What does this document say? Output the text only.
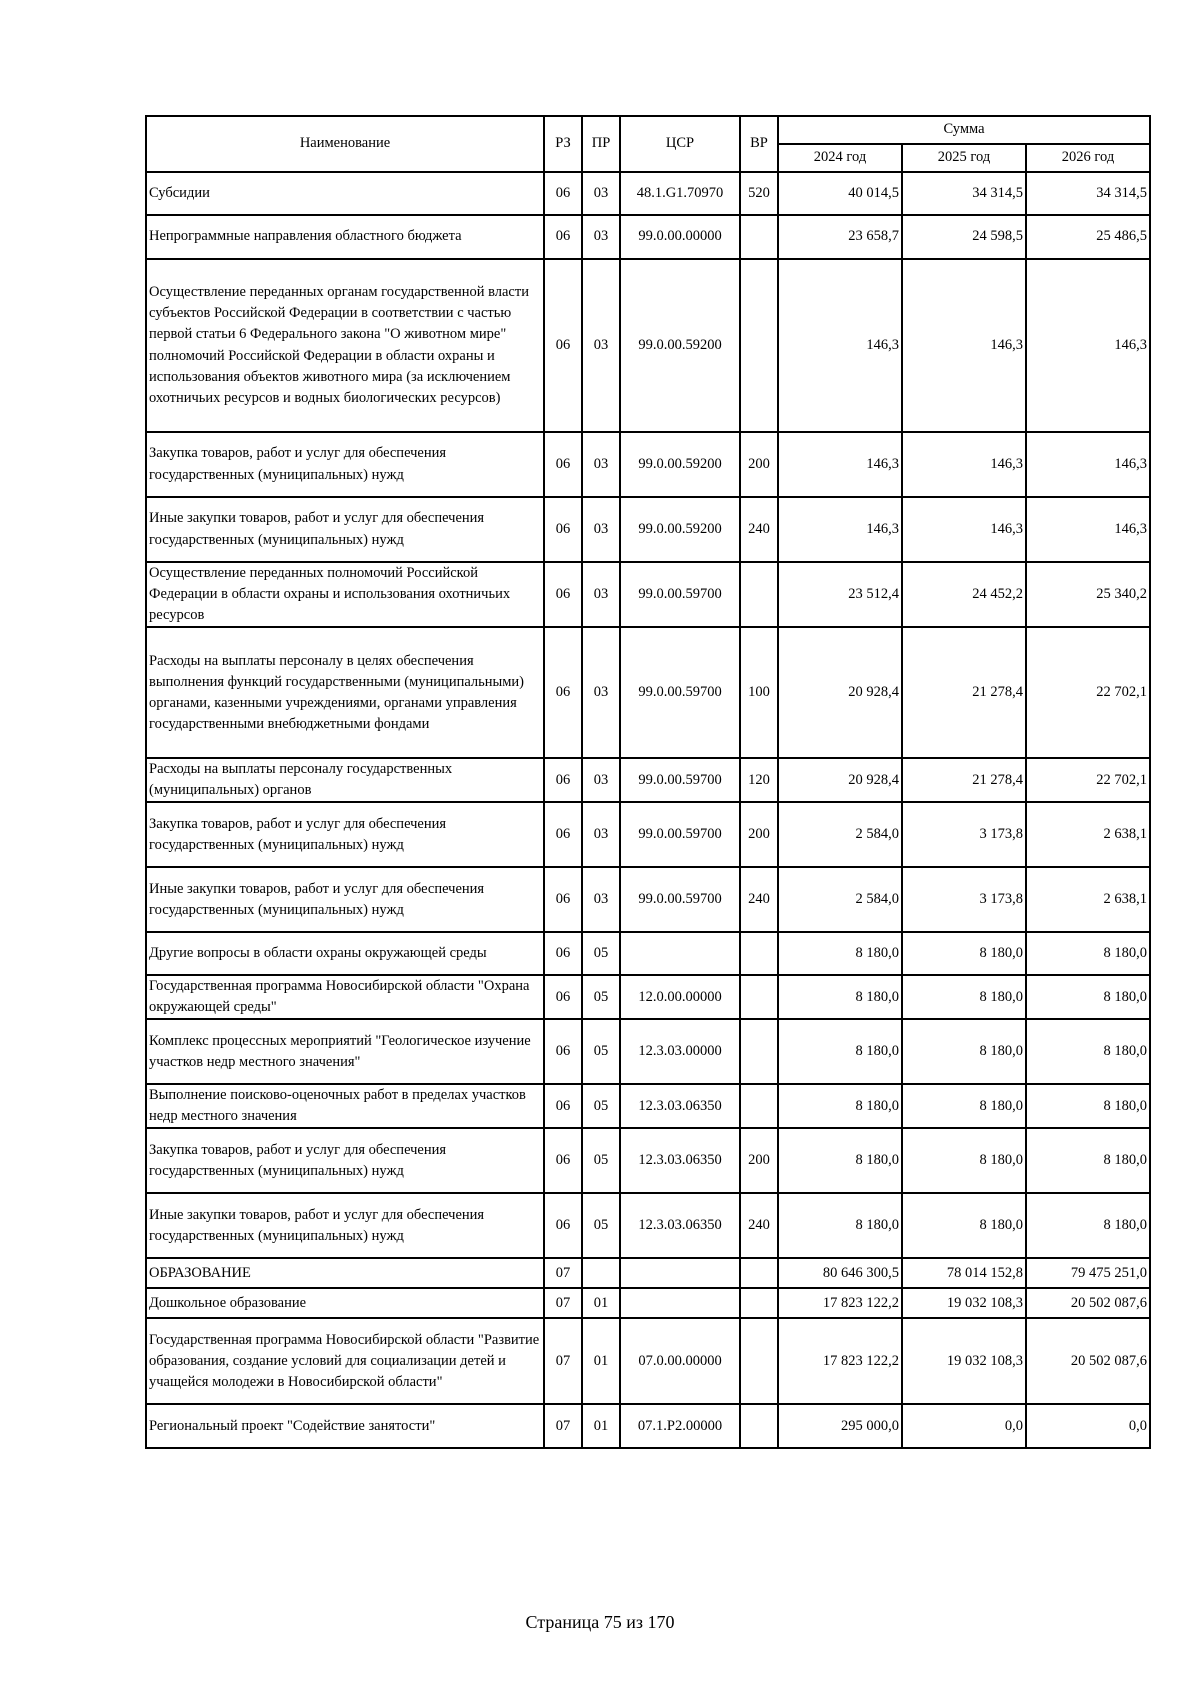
Наименование	РЗ	ПР	ЦСР	ВР	Сумма		
					2024 год	2025 год	2026 год
Субсидии	06	03	48.1.G1.70970	520	40 014,5	34 314,5	34 314,5
Непрограммные направления областного бюджета	06	03	99.0.00.00000		23 658,7	24 598,5	25 486,5
Осуществление переданных органам государственной власти субъектов Российской Федерации в соответствии с частью первой статьи 6 Федерального закона "О животном мире" полномочий Российской Федерации в области охраны и использования объектов животного мира (за исключением охотничьих ресурсов и водных биологических ресурсов)	06	03	99.0.00.59200		146,3	146,3	146,3
Закупка товаров, работ и услуг для обеспечения государственных (муниципальных) нужд	06	03	99.0.00.59200	200	146,3	146,3	146,3
Иные закупки товаров, работ и услуг для обеспечения государственных (муниципальных) нужд	06	03	99.0.00.59200	240	146,3	146,3	146,3
Осуществление переданных полномочий Российской Федерации в области охраны и использования охотничьих ресурсов	06	03	99.0.00.59700		23 512,4	24 452,2	25 340,2
Расходы на выплаты персоналу в целях обеспечения выполнения функций государственными (муниципальными) органами, казенными учреждениями, органами управления государственными внебюджетными фондами	06	03	99.0.00.59700	100	20 928,4	21 278,4	22 702,1
Расходы на выплаты персоналу государственных (муниципальных) органов	06	03	99.0.00.59700	120	20 928,4	21 278,4	22 702,1
Закупка товаров, работ и услуг для обеспечения государственных (муниципальных) нужд	06	03	99.0.00.59700	200	2 584,0	3 173,8	2 638,1
Иные закупки товаров, работ и услуг для обеспечения государственных (муниципальных) нужд	06	03	99.0.00.59700	240	2 584,0	3 173,8	2 638,1
Другие вопросы в области охраны окружающей среды	06	05			8 180,0	8 180,0	8 180,0
Государственная программа Новосибирской области "Охрана окружающей среды"	06	05	12.0.00.00000		8 180,0	8 180,0	8 180,0
Комплекс процессных мероприятий "Геологическое изучение участков недр местного значения"	06	05	12.3.03.00000		8 180,0	8 180,0	8 180,0
Выполнение поисково-оценочных работ в пределах участков недр местного значения	06	05	12.3.03.06350		8 180,0	8 180,0	8 180,0
Закупка товаров, работ и услуг для обеспечения государственных (муниципальных) нужд	06	05	12.3.03.06350	200	8 180,0	8 180,0	8 180,0
Иные закупки товаров, работ и услуг для обеспечения государственных (муниципальных) нужд	06	05	12.3.03.06350	240	8 180,0	8 180,0	8 180,0
ОБРАЗОВАНИЕ	07				80 646 300,5	78 014 152,8	79 475 251,0
Дошкольное образование	07	01			17 823 122,2	19 032 108,3	20 502 087,6
Государственная программа Новосибирской области "Развитие образования, создание условий для социализации детей и учащейся молодежи в Новосибирской области"	07	01	07.0.00.00000		17 823 122,2	19 032 108,3	20 502 087,6
Региональный проект "Содействие занятости"	07	01	07.1.P2.00000		295 000,0	0,0	0,0
Страница 75 из 170
